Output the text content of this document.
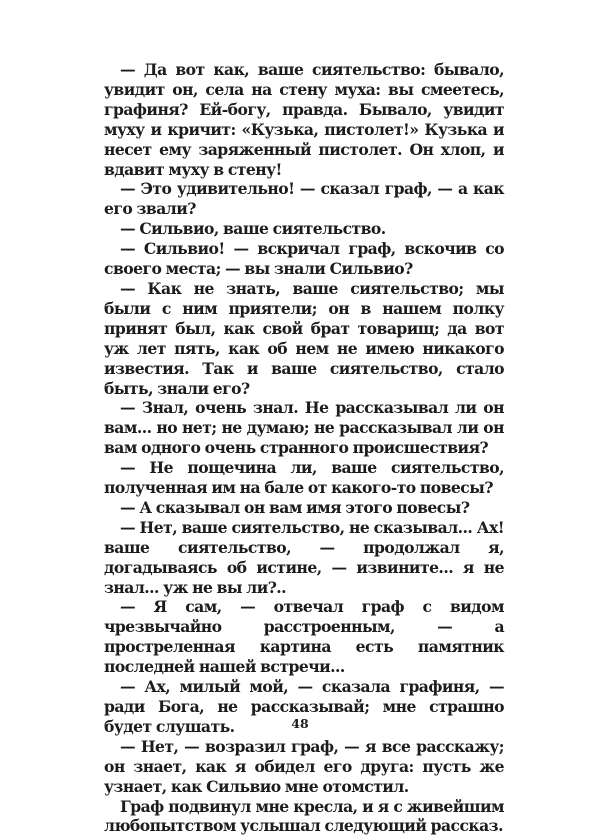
— Да вот как, ваше сиятельство: бывало, увидит он, села на стену муха: вы смеетесь, графиня? Ей-богу, правда. Бывало, увидит муху и кричит: «Кузька, пистолет!» Кузька и несет ему заряженный пистолет. Он хлоп, и вдавит муху в стену!

— Это удивительно! — сказал граф, — а как его звали?

— Сильвио, ваше сиятельство.

— Сильвио! — вскричал граф, вскочив со своего места; — вы знали Сильвио?

— Как не знать, ваше сиятельство; мы были с ним приятели; он в нашем полку принят был, как свой брат товарищ; да вот уж лет пять, как об нем не имею никакого известия. Так и ваше сиятельство, стало быть, знали его?

— Знал, очень знал. Не рассказывал ли он вам... но нет; не думаю; не рассказывал ли он вам одного очень странного происшествия?

— Не пощечина ли, ваше сиятельство, полученная им на бале от какого-то повесы?

— А сказывал он вам имя этого повесы?

— Нет, ваше сиятельство, не сказывал... Ах! ваше сиятельство, — продолжал я, догадываясь об истине, — извините... я не знал... уж не вы ли?..

— Я сам, — отвечал граф с видом чрезвычайно расстроенным, — а простреленная картина есть памятник последней нашей встречи...

— Ах, милый мой, — сказала графиня, — ради Бога, не рассказывай; мне страшно будет слушать.

— Нет, — возразил граф, — я все расскажу; он знает, как я обидел его друга: пусть же узнает, как Сильвио мне отомстил.

Граф подвинул мне кресла, и я с живейшим любопытством услышал следующий рассказ.

48
